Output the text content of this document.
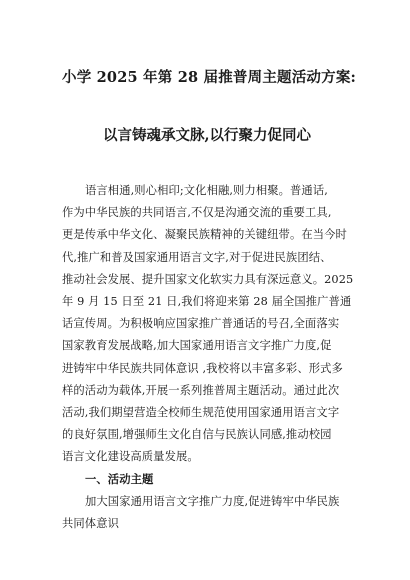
小学 2025 年第 28 届推普周主题活动方案:
以言铸魂承文脉,以行聚力促同心
语言相通,则心相印;文化相融,则力相聚。普通话,
作为中华民族的共同语言,不仅是沟通交流的重要工具,
更是传承中华文化、凝聚民族精神的关键纽带。在当今时
代,推广和普及国家通用语言文字,对于促进民族团结、
推动社会发展、提升国家文化软实力具有深远意义。2025
年 9 月 15 日至 21 日,我们将迎来第 28 届全国推广普通
话宣传周。为积极响应国家推广普通话的号召,全面落实
国家教育发展战略,加大国家通用语言文字推广力度,促
进铸牢中华民族共同体意识 ,我校将以丰富多彩、形式多
样的活动为载体,开展一系列推普周主题活动。通过此次
活动,我们期望营造全校师生规范使用国家通用语言文字
的良好氛围,增强师生文化自信与民族认同感,推动校园
语言文化建设高质量发展。
一、活动主题
加大国家通用语言文字推广力度,促进铸牢中华民族
共同体意识
